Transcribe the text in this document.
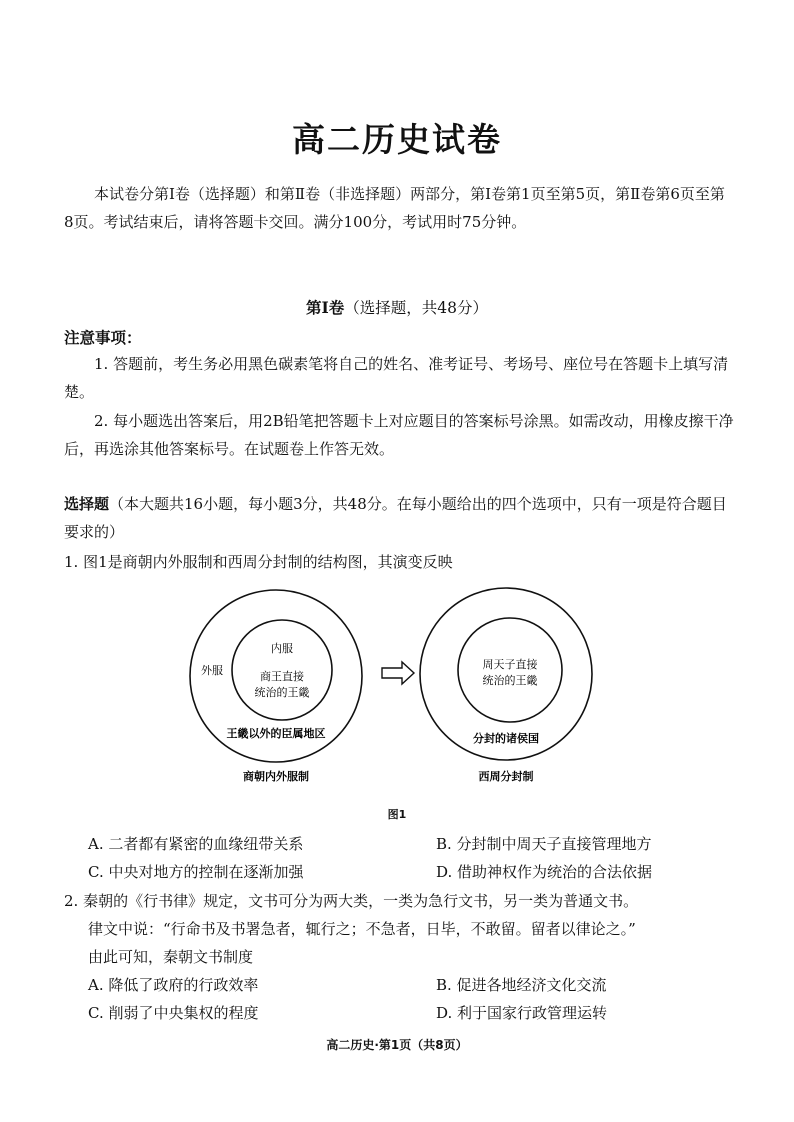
高二历史试卷
本试卷分第Ⅰ卷（选择题）和第Ⅱ卷（非选择题）两部分，第Ⅰ卷第1页至第5页，第Ⅱ卷第6页至第8页。考试结束后，请将答题卡交回。满分100分，考试用时75分钟。
第Ⅰ卷（选择题，共48分）
注意事项：
1. 答题前，考生务必用黑色碳素笔将自己的姓名、准考证号、考场号、座位号在答题卡上填写清楚。
2. 每小题选出答案后，用2B铅笔把答题卡上对应题目的答案标号涂黑。如需改动，用橡皮擦干净后，再选涂其他答案标号。在试题卷上作答无效。
选择题（本大题共16小题，每小题3分，共48分。在每小题给出的四个选项中，只有一项是符合题目要求的）
1. 图1是商朝内外服制和西周分封制的结构图，其演变反映
内服
商王直接
统治的王畿
外服
王畿以外的臣属地区
商朝内外服制
周天子直接
统治的王畿
分封的诸侯国
西周分封制
图1
A. 二者都有紧密的血缘纽带关系	B. 分封制中周天子直接管理地方
C. 中央对地方的控制在逐渐加强	D. 借助神权作为统治的合法依据
2. 秦朝的《行书律》规定，文书可分为两大类，一类为急行文书，另一类为普通文书。
律文中说：“行命书及书署急者，辄行之；不急者，日毕，不敢留。留者以律论之。”
由此可知，秦朝文书制度
A. 降低了政府的行政效率	B. 促进各地经济文化交流
C. 削弱了中央集权的程度	D. 利于国家行政管理运转
高二历史·第1页（共8页）
